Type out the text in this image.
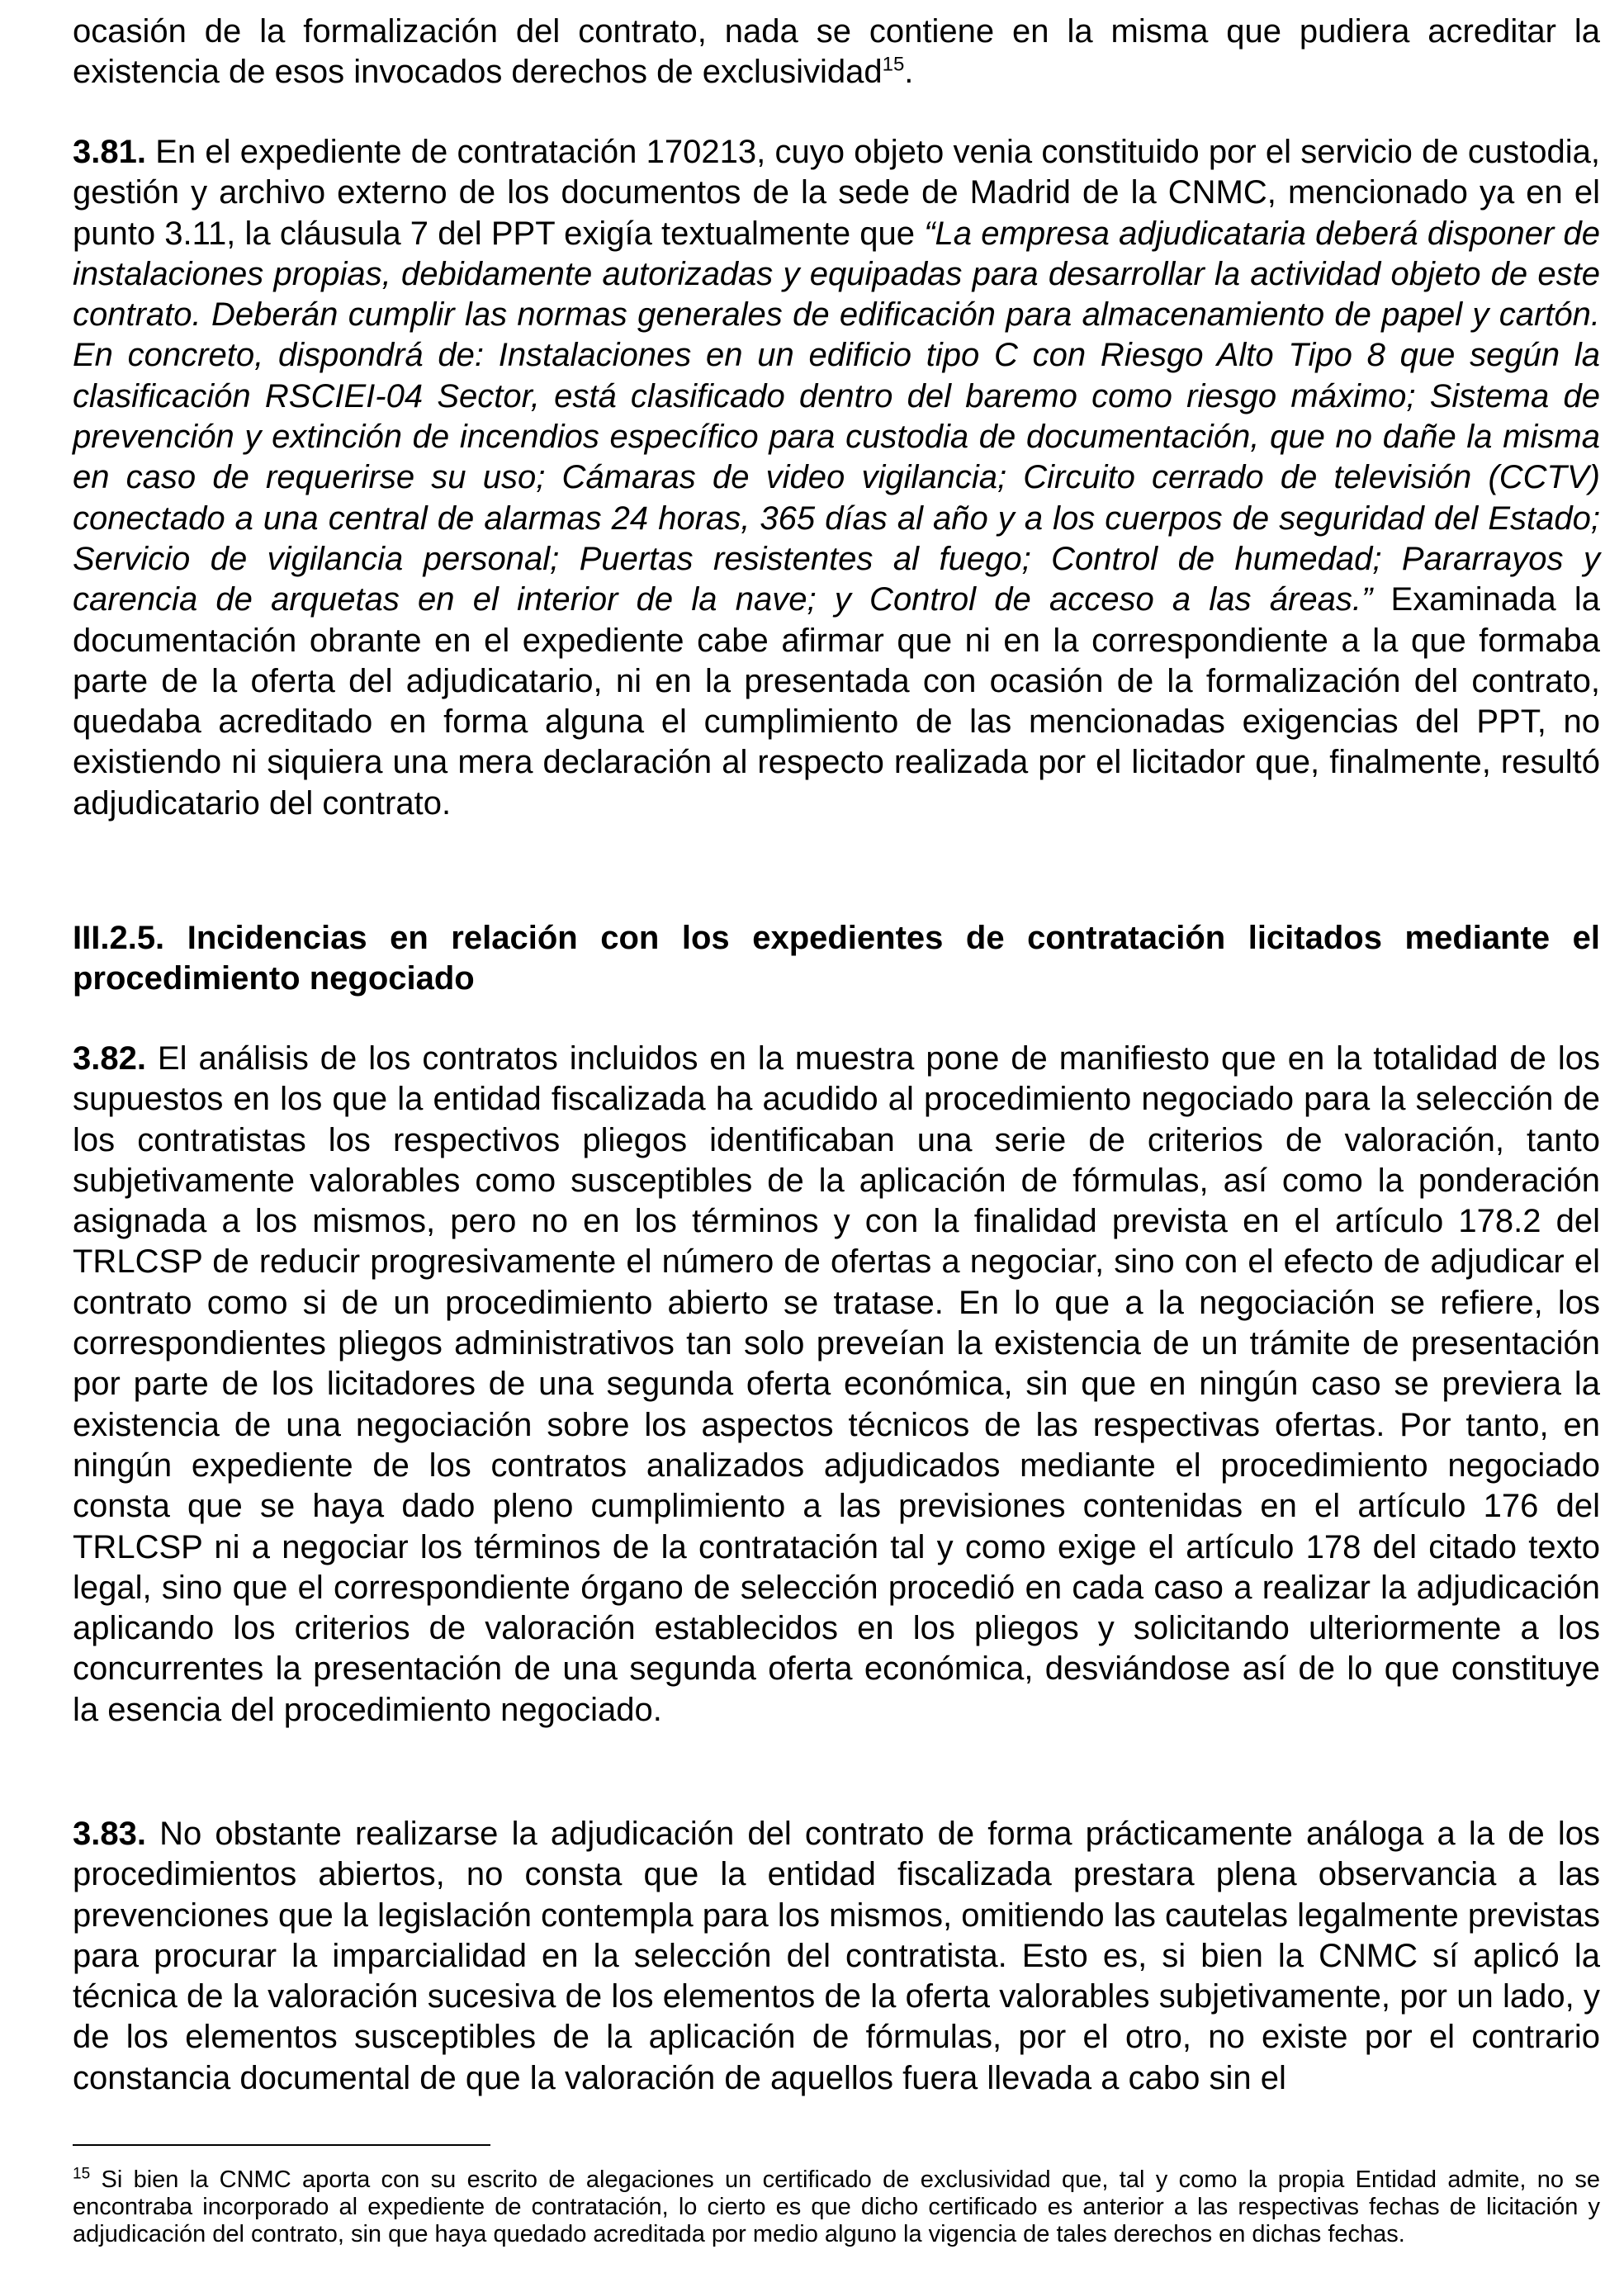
ocasión de la formalización del contrato, nada se contiene en la misma que pudiera acreditar la existencia de esos invocados derechos de exclusividad$^{15}$.

3.81. En el expediente de contratación 170213, cuyo objeto venia constituido por el servicio de custodia, gestión y archivo externo de los documentos de la sede de Madrid de la CNMC, mencionado ya en el punto 3.11, la cláusula 7 del PPT exigía textualmente que “La empresa adjudicataria deberá disponer de instalaciones propias, debidamente autorizadas y equipadas para desarrollar la actividad objeto de este contrato. Deberán cumplir las normas generales de edificación para almacenamiento de papel y cartón. En concreto, dispondrá de: Instalaciones en un edificio tipo C con Riesgo Alto Tipo 8 que según la clasificación RSCIEI-04 Sector, está clasificado dentro del baremo como riesgo máximo; Sistema de prevención y extinción de incendios específico para custodia de documentación, que no dañe la misma en caso de requerirse su uso; Cámaras de video vigilancia; Circuito cerrado de televisión (CCTV) conectado a una central de alarmas 24 horas, 365 días al año y a los cuerpos de seguridad del Estado; Servicio de vigilancia personal; Puertas resistentes al fuego; Control de humedad; Pararrayos y carencia de arquetas en el interior de la nave; y Control de acceso a las áreas.” Examinada la documentación obrante en el expediente cabe afirmar que ni en la correspondiente a la que formaba parte de la oferta del adjudicatario, ni en la presentada con ocasión de la formalización del contrato, quedaba acreditado en forma alguna el cumplimiento de las mencionadas exigencias del PPT, no existiendo ni siquiera una mera declaración al respecto realizada por el licitador que, finalmente, resultó adjudicatario del contrato.

III.2.5. Incidencias en relación con los expedientes de contratación licitados mediante el procedimiento negociado

3.82. El análisis de los contratos incluidos en la muestra pone de manifiesto que en la totalidad de los supuestos en los que la entidad fiscalizada ha acudido al procedimiento negociado para la selección de los contratistas los respectivos pliegos identificaban una serie de criterios de valoración, tanto subjetivamente valorables como susceptibles de la aplicación de fórmulas, así como la ponderación asignada a los mismos, pero no en los términos y con la finalidad prevista en el artículo 178.2 del TRLCSP de reducir progresivamente el número de ofertas a negociar, sino con el efecto de adjudicar el contrato como si de un procedimiento abierto se tratase. En lo que a la negociación se refiere, los correspondientes pliegos administrativos tan solo preveían la existencia de un trámite de presentación por parte de los licitadores de una segunda oferta económica, sin que en ningún caso se previera la existencia de una negociación sobre los aspectos técnicos de las respectivas ofertas. Por tanto, en ningún expediente de los contratos analizados adjudicados mediante el procedimiento negociado consta que se haya dado pleno cumplimiento a las previsiones contenidas en el artículo 176 del TRLCSP ni a negociar los términos de la contratación tal y como exige el artículo 178 del citado texto legal, sino que el correspondiente órgano de selección procedió en cada caso a realizar la adjudicación aplicando los criterios de valoración establecidos en los pliegos y solicitando ulteriormente a los concurrentes la presentación de una segunda oferta económica, desviándose así de lo que constituye la esencia del procedimiento negociado.

3.83. No obstante realizarse la adjudicación del contrato de forma prácticamente análoga a la de los procedimientos abiertos, no consta que la entidad fiscalizada prestara plena observancia a las prevenciones que la legislación contempla para los mismos, omitiendo las cautelas legalmente previstas para procurar la imparcialidad en la selección del contratista. Esto es, si bien la CNMC sí aplicó la técnica de la valoración sucesiva de los elementos de la oferta valorables subjetivamente, por un lado, y de los elementos susceptibles de la aplicación de fórmulas, por el otro, no existe por el contrario constancia documental de que la valoración de aquellos fuera llevada a cabo sin el

$^{15}$ Si bien la CNMC aporta con su escrito de alegaciones un certificado de exclusividad que, tal y como la propia Entidad admite, no se encontraba incorporado al expediente de contratación, lo cierto es que dicho certificado es anterior a las respectivas fechas de licitación y adjudicación del contrato, sin que haya quedado acreditada por medio alguno la vigencia de tales derechos en dichas fechas.
